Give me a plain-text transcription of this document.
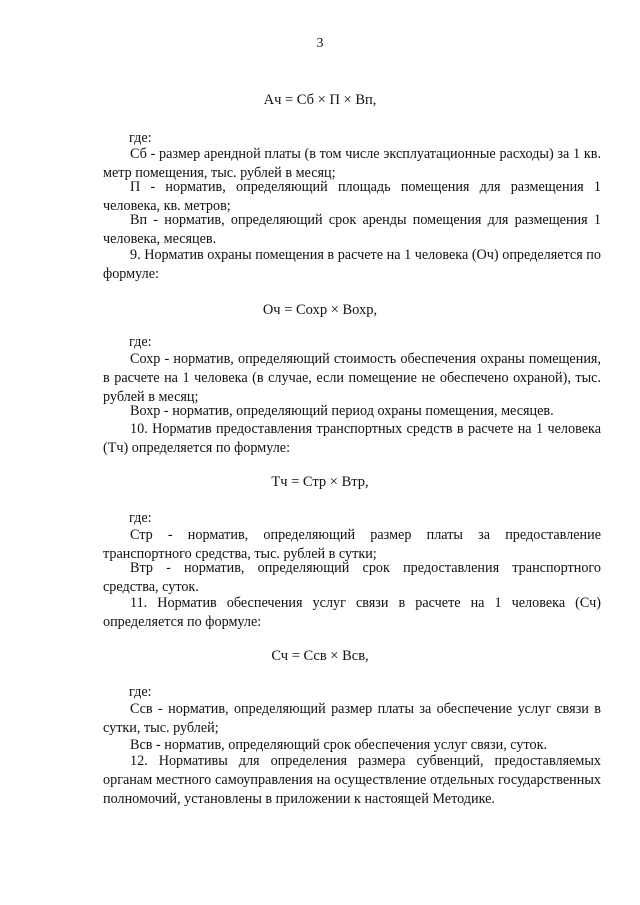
3
Ач = Сб × П × Вп,
где:
Сб - размер арендной платы (в том числе эксплуатационные расходы) за 1 кв. метр помещения, тыс. рублей в месяц;
П - норматив, определяющий площадь помещения для размещения 1 человека, кв. метров;
Вп - норматив, определяющий срок аренды помещения для размещения 1 человека, месяцев.
9. Норматив охраны помещения в расчете на 1 человека (Оч) определяется по формуле:
Оч = Сохр × Вохр,
где:
Сохр - норматив, определяющий стоимость обеспечения охраны помещения, в расчете на 1 человека (в случае, если помещение не обеспечено охраной), тыс. рублей в месяц;
Вохр - норматив, определяющий период охраны помещения, месяцев.
10. Норматив предоставления транспортных средств в расчете на 1 человека (Тч) определяется по формуле:
Тч = Стр × Втр,
где:
Стр - норматив, определяющий размер платы за предоставление транспортного средства, тыс. рублей в сутки;
Втр - норматив, определяющий срок предоставления транспортного средства, суток.
11. Норматив обеспечения услуг связи в расчете на 1 человека (Сч) определяется по формуле:
Сч = Ссв × Всв,
где:
Ссв - норматив, определяющий размер платы за обеспечение услуг связи в сутки, тыс. рублей;
Всв - норматив, определяющий срок обеспечения услуг связи, суток.
12. Нормативы для определения размера субвенций, предоставляемых органам местного самоуправления на осуществление отдельных государственных полномочий, установлены в приложении к настоящей Методике.
